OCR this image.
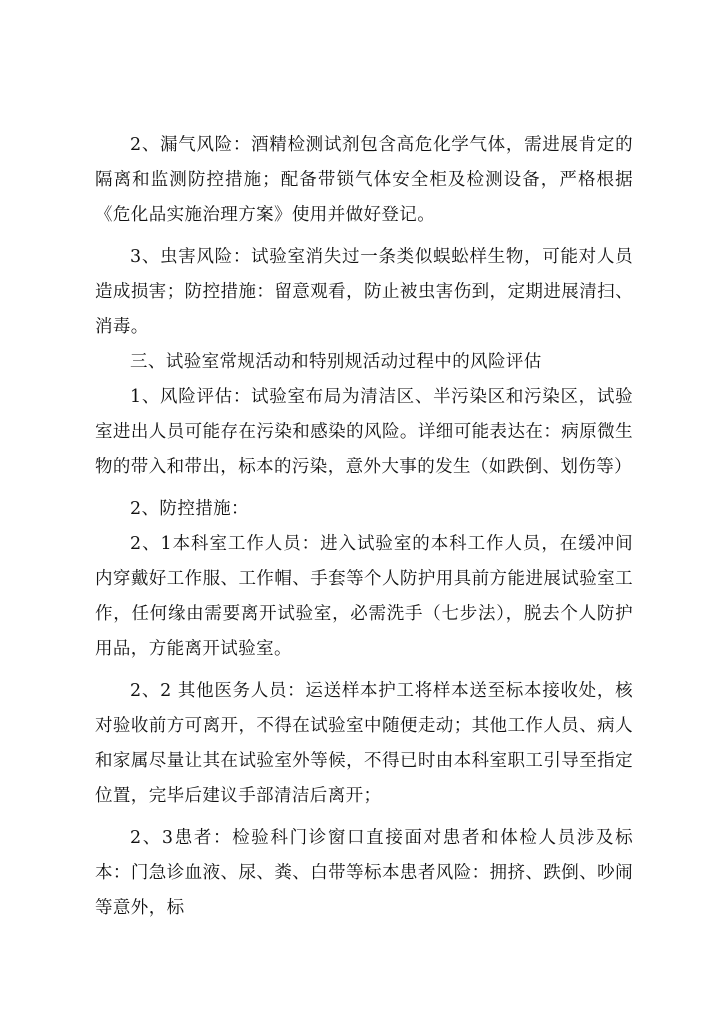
2、漏气风险：酒精检测试剂包含高危化学气体，需进展肯定的隔离和监测防控措施；配备带锁气体安全柜及检测设备，严格根据《危化品实施治理方案》使用并做好登记。

3、虫害风险：试验室消失过一条类似蜈蚣样生物，可能对人员造成损害；防控措施：留意观看，防止被虫害伤到，定期进展清扫、消毒。

三、试验室常规活动和特别规活动过程中的风险评估

1、风险评估：试验室布局为清洁区、半污染区和污染区，试验室进出人员可能存在污染和感染的风险。详细可能表达在：病原微生物的带入和带出，标本的污染，意外大事的发生（如跌倒、划伤等）

2、防控措施：

2、1本科室工作人员：进入试验室的本科工作人员，在缓冲间内穿戴好工作服、工作帽、手套等个人防护用具前方能进展试验室工作，任何缘由需要离开试验室，必需洗手（七步法），脱去个人防护用品，方能离开试验室。

2、2 其他医务人员：运送样本护工将样本送至标本接收处，核对验收前方可离开，不得在试验室中随便走动；其他工作人员、病人和家属尽量让其在试验室外等候，不得已时由本科室职工引导至指定位置，完毕后建议手部清洁后离开；

2、3患者：检验科门诊窗口直接面对患者和体检人员涉及标本：门急诊血液、尿、粪、白带等标本患者风险：拥挤、跌倒、吵闹等意外，标
